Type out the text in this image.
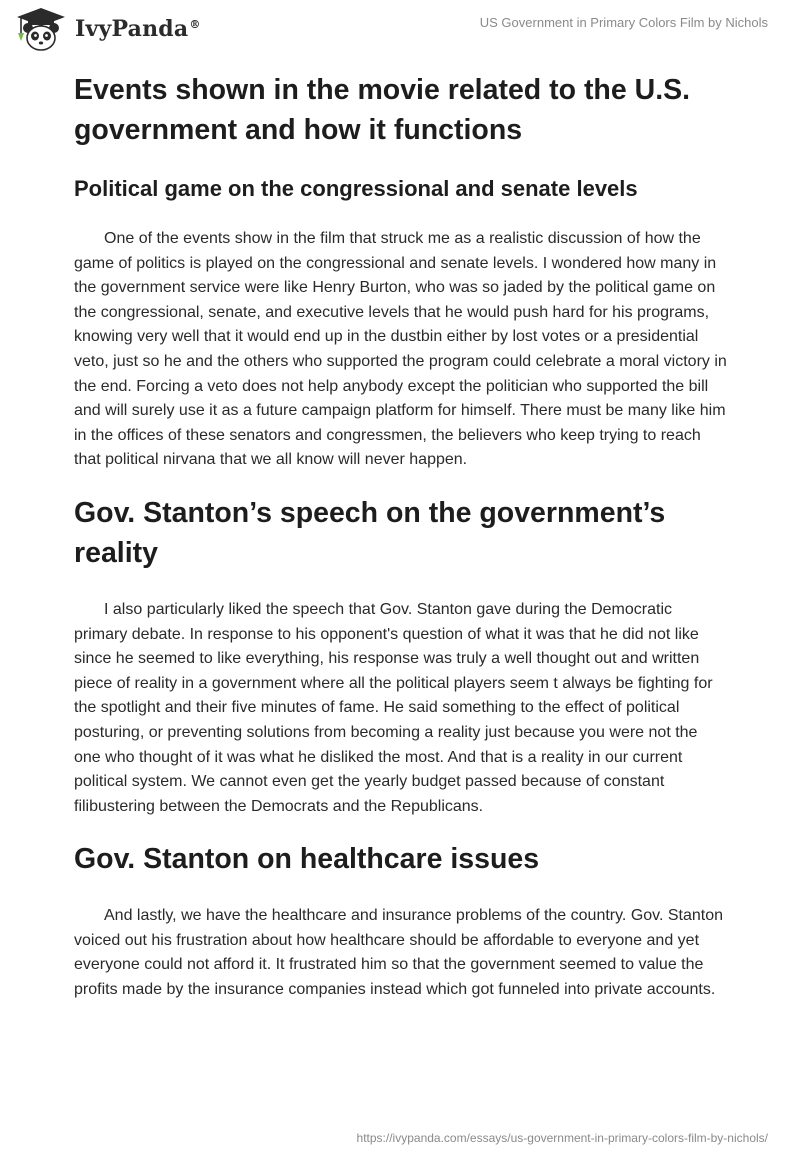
IvyPanda®	US Government in Primary Colors Film by Nichols
Events shown in the movie related to the U.S. government and how it functions
Political game on the congressional and senate levels

One of the events show in the film that struck me as a realistic discussion of how the game of politics is played on the congressional and senate levels. I wondered how many in the government service were like Henry Burton, who was so jaded by the political game on the congressional, senate, and executive levels that he would push hard for his programs, knowing very well that it would end up in the dustbin either by lost votes or a presidential veto, just so he and the others who supported the program could celebrate a moral victory in the end. Forcing a veto does not help anybody except the politician who supported the bill and will surely use it as a future campaign platform for himself. There must be many like him in the offices of these senators and congressmen, the believers who keep trying to reach that political nirvana that we all know will never happen.

Gov. Stanton’s speech on the government’s reality

I also particularly liked the speech that Gov. Stanton gave during the Democratic primary debate. In response to his opponent's question of what it was that he did not like since he seemed to like everything, his response was truly a well thought out and written piece of reality in a government where all the political players seem t always be fighting for the spotlight and their five minutes of fame. He said something to the effect of political posturing, or preventing solutions from becoming a reality just because you were not the one who thought of it was what he disliked the most. And that is a reality in our current political system. We cannot even get the yearly budget passed because of constant filibustering between the Democrats and the Republicans.

Gov. Stanton on healthcare issues

And lastly, we have the healthcare and insurance problems of the country. Gov. Stanton voiced out his frustration about how healthcare should be affordable to everyone and yet everyone could not afford it. It frustrated him so that the government seemed to value the profits made by the insurance companies instead which got funneled into private accounts.

https://ivypanda.com/essays/us-government-in-primary-colors-film-by-nichols/
